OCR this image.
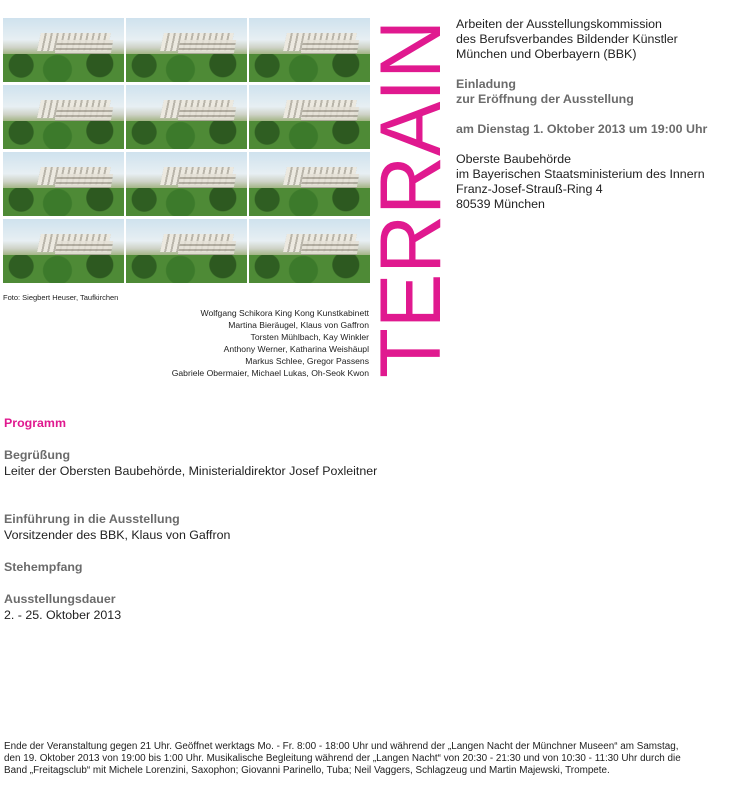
Foto: Siegbert Heuser, Taufkirchen
Wolfgang Schikora King Kong Kunstkabinett
Martina Bieräugel, Klaus von Gaffron
Torsten Mühlbach, Kay Winkler
Anthony Werner, Katharina Weishäupl
Markus Schlee, Gregor Passens
Gabriele Obermaier, Michael Lukas, Oh-Seok Kwon
TERRAIN
Arbeiten der Ausstellungskommission
des Berufsverbandes Bildender Künstler
München und Oberbayern (BBK)
Einladung
zur Eröffnung der Ausstellung
am Dienstag 1. Oktober 2013 um 19:00 Uhr
Oberste Baubehörde
im Bayerischen Staatsministerium des Innern
Franz-Josef-Strauß-Ring 4
80539 München
Programm
Begrüßung
Leiter der Obersten Baubehörde, Ministerialdirektor Josef Poxleitner
Einführung in die Ausstellung
Vorsitzender des BBK, Klaus von Gaffron
Stehempfang
Ausstellungsdauer
2. - 25. Oktober 2013
Ende der Veranstaltung gegen 21 Uhr. Geöffnet werktags Mo. - Fr. 8:00 - 18:00 Uhr und während der „Langen Nacht der Münchner Museen“ am Samstag,
den 19. Oktober 2013 von 19:00 bis 1:00 Uhr. Musikalische Begleitung während der „Langen Nacht“ von 20:30 - 21:30 und von 10:30 - 11:30 Uhr durch die
Band „Freitagsclub“ mit Michele Lorenzini, Saxophon; Giovanni Parinello, Tuba; Neil Vaggers, Schlagzeug und Martin Majewski, Trompete.
